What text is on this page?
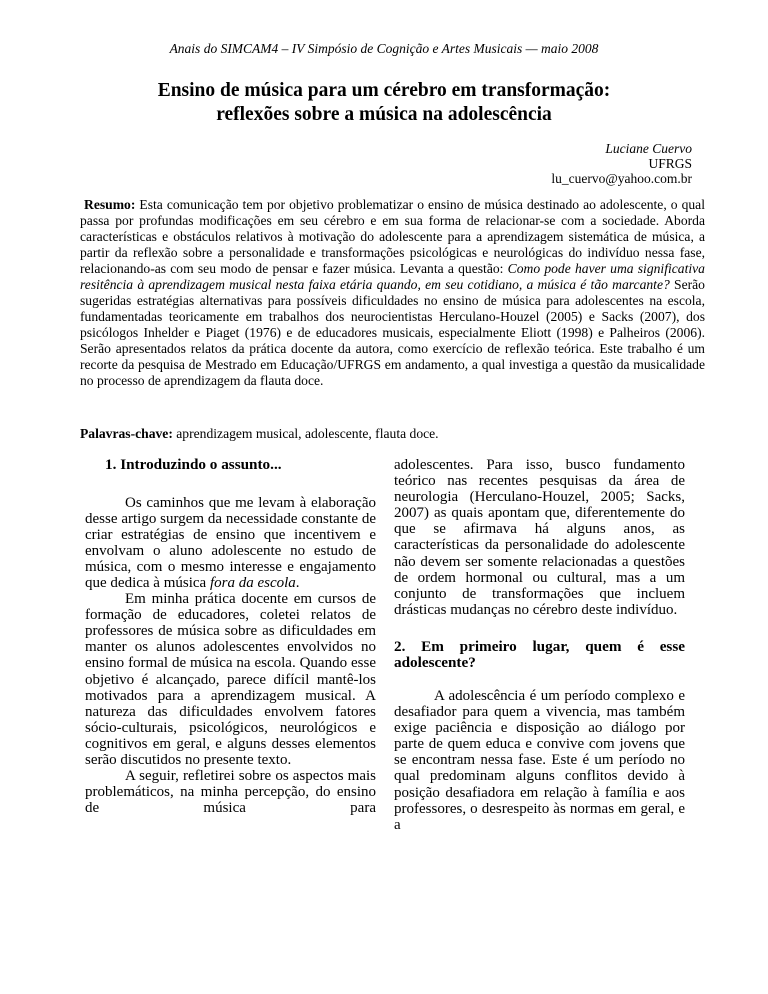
Anais do SIMCAM4 – IV Simpósio de Cognição e Artes Musicais — maio 2008
Ensino de música para um cérebro em transformação:
reflexões sobre a música na adolescência
Luciane Cuervo
UFRGS
lu_cuervo@yahoo.com.br

Resumo: Esta comunicação tem por objetivo problematizar o ensino de música destinado ao adolescente, o qual passa por profundas modificações em seu cérebro e em sua forma de relacionar-se com a sociedade. Aborda características e obstáculos relativos à motivação do adolescente para a aprendizagem sistemática de música, a partir da reflexão sobre a personalidade e transformações psicológicas e neurológicas do indivíduo nessa fase, relacionando-as com seu modo de pensar e fazer música. Levanta a questão: Como pode haver uma significativa resitência à aprendizagem musical nesta faixa etária quando, em seu cotidiano, a música é tão marcante? Serão sugeridas estratégias alternativas para possíveis dificuldades no ensino de música para adolescentes na escola, fundamentadas teoricamente em trabalhos dos neurocientistas Herculano-Houzel (2005) e Sacks (2007), dos psicólogos Inhelder e Piaget (1976) e de educadores musicais, especialmente Eliott (1998) e Palheiros (2006). Serão apresentados relatos da prática docente da autora, como exercício de reflexão teórica. Este trabalho é um recorte da pesquisa de Mestrado em Educação/UFRGS em andamento, a qual investiga a questão da musicalidade no processo de aprendizagem da flauta doce.

Palavras-chave: aprendizagem musical, adolescente, flauta doce.
1. Introduzindo o assunto...

Os caminhos que me levam à elaboração desse artigo surgem da necessidade constante de criar estratégias de ensino que incentivem e envolvam o aluno adolescente no estudo de música, com o mesmo interesse e engajamento que dedica à música fora da escola.

Em minha prática docente em cursos de formação de educadores, coletei relatos de professores de música sobre as dificuldades em manter os alunos adolescentes envolvidos no ensino formal de música na escola. Quando esse objetivo é alcançado, parece difícil mantê-los motivados para a aprendizagem musical. A natureza das dificuldades envolvem fatores sócio-culturais, psicológicos, neurológicos e cognitivos em geral, e alguns desses elementos serão discutidos no presente texto.

A seguir, refletirei sobre os aspectos mais problemáticos, na minha percepção, do ensino de música para

adolescentes. Para isso, busco fundamento teórico nas recentes pesquisas da área de neurologia (Herculano-Houzel, 2005; Sacks, 2007) as quais apontam que, diferentemente do que se afirmava há alguns anos, as características da personalidade do adolescente não devem ser somente relacionadas a questões de ordem hormonal ou cultural, mas a um conjunto de transformações que incluem drásticas mudanças no cérebro deste indivíduo.

2. Em primeiro lugar, quem é esse adolescente?

A adolescência é um período complexo e desafiador para quem a vivencia, mas também exige paciência e disposição ao diálogo por parte de quem educa e convive com jovens que se encontram nessa fase. Este é um período no qual predominam alguns conflitos devido à posição desafiadora em relação à família e aos professores, o desrespeito às normas em geral, e a
